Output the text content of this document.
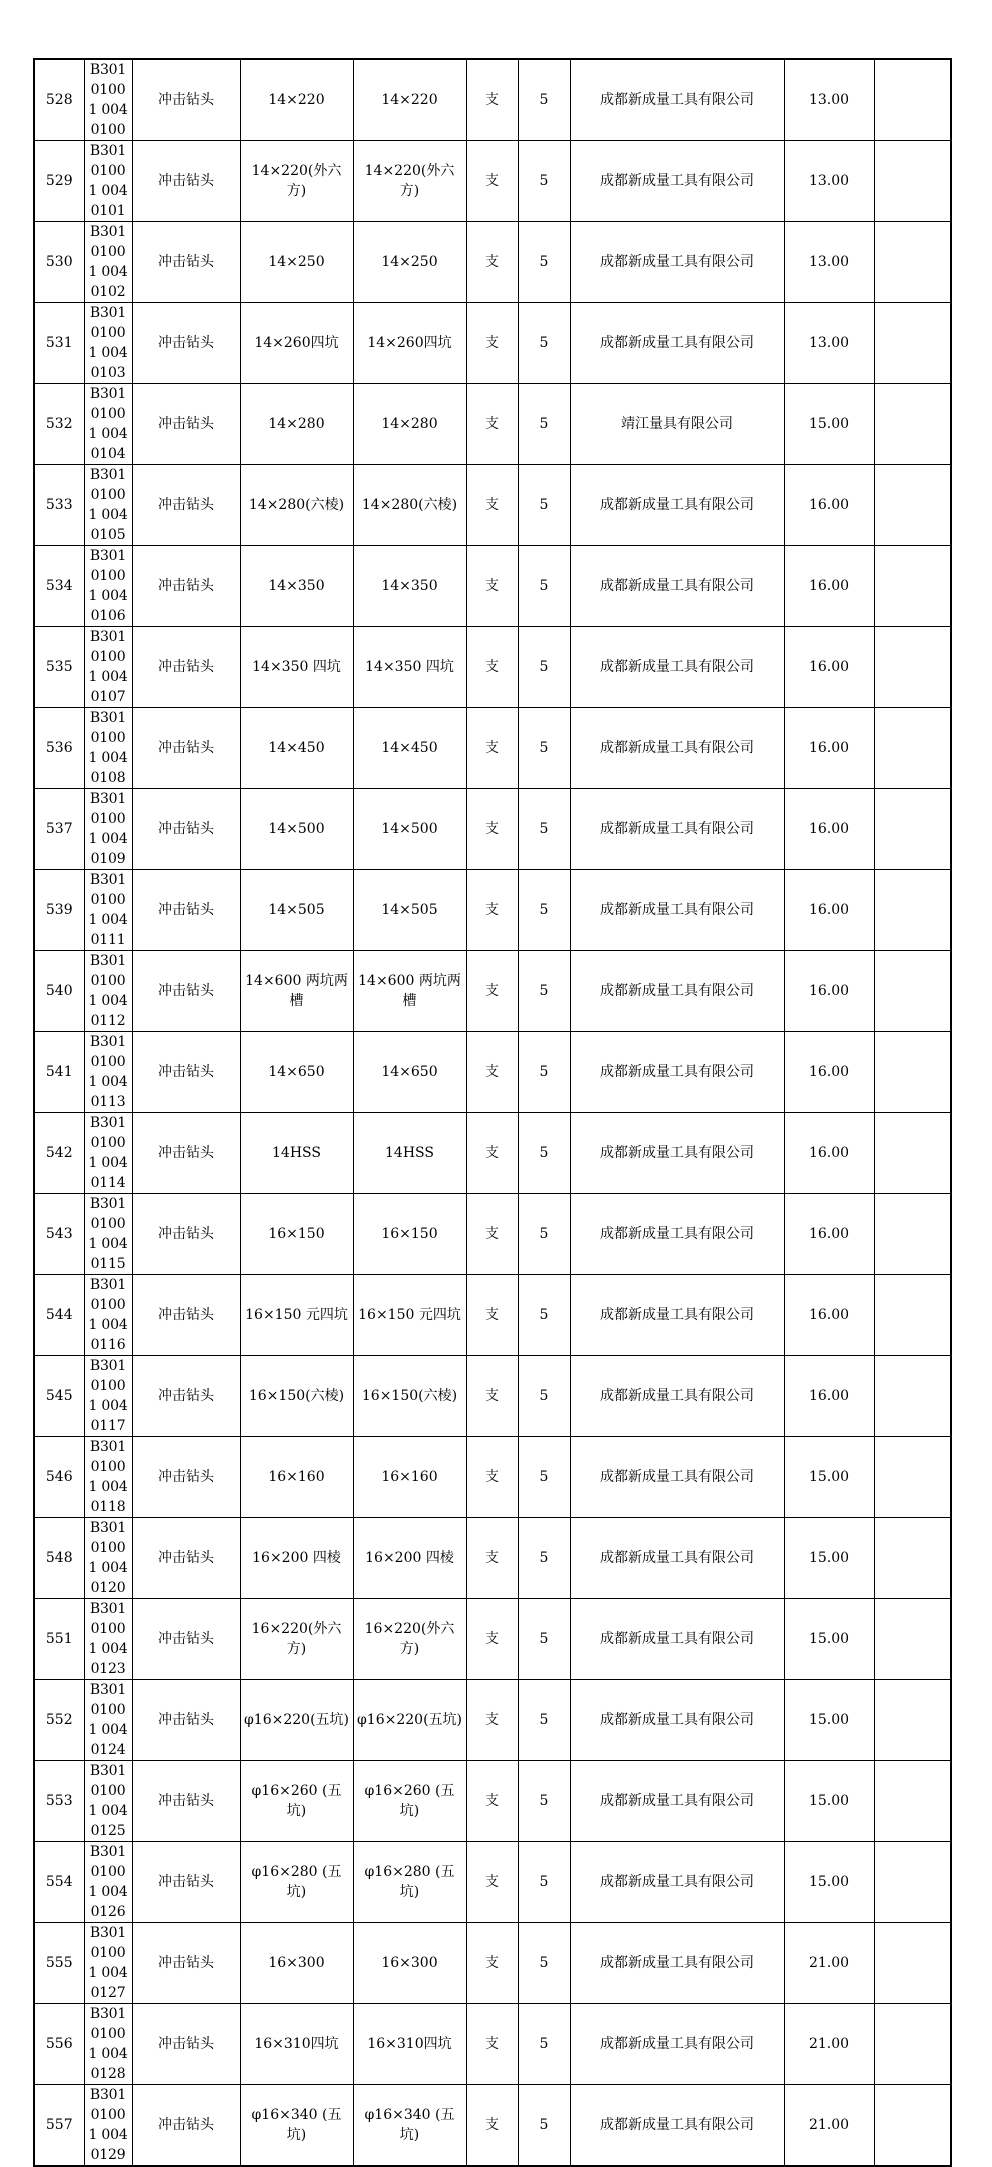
528	B30101001 0040100	冲击钻头	14×220	14×220	支	5	成都新成量工具有限公司	13.00	
529	B30101001 0040101	冲击钻头	14×220(外六方)	14×220(外六方)	支	5	成都新成量工具有限公司	13.00	
530	B30101001 0040102	冲击钻头	14×250	14×250	支	5	成都新成量工具有限公司	13.00	
531	B30101001 0040103	冲击钻头	14×260四坑	14×260四坑	支	5	成都新成量工具有限公司	13.00	
532	B30101001 0040104	冲击钻头	14×280	14×280	支	5	靖江量具有限公司	15.00	
533	B30101001 0040105	冲击钻头	14×280(六棱)	14×280(六棱)	支	5	成都新成量工具有限公司	16.00	
534	B30101001 0040106	冲击钻头	14×350	14×350	支	5	成都新成量工具有限公司	16.00	
535	B30101001 0040107	冲击钻头	14×350 四坑	14×350 四坑	支	5	成都新成量工具有限公司	16.00	
536	B30101001 0040108	冲击钻头	14×450	14×450	支	5	成都新成量工具有限公司	16.00	
537	B30101001 0040109	冲击钻头	14×500	14×500	支	5	成都新成量工具有限公司	16.00	
539	B30101001 0040111	冲击钻头	14×505	14×505	支	5	成都新成量工具有限公司	16.00	
540	B30101001 0040112	冲击钻头	14×600 两坑两槽	14×600 两坑两槽	支	5	成都新成量工具有限公司	16.00	
541	B30101001 0040113	冲击钻头	14×650	14×650	支	5	成都新成量工具有限公司	16.00	
542	B30101001 0040114	冲击钻头	14HSS	14HSS	支	5	成都新成量工具有限公司	16.00	
543	B30101001 0040115	冲击钻头	16×150	16×150	支	5	成都新成量工具有限公司	16.00	
544	B30101001 0040116	冲击钻头	16×150 元四坑	16×150 元四坑	支	5	成都新成量工具有限公司	16.00	
545	B30101001 0040117	冲击钻头	16×150(六棱)	16×150(六棱)	支	5	成都新成量工具有限公司	16.00	
546	B30101001 0040118	冲击钻头	16×160	16×160	支	5	成都新成量工具有限公司	15.00	
548	B30101001 0040120	冲击钻头	16×200 四棱	16×200 四棱	支	5	成都新成量工具有限公司	15.00	
551	B30101001 0040123	冲击钻头	16×220(外六方)	16×220(外六方)	支	5	成都新成量工具有限公司	15.00	
552	B30101001 0040124	冲击钻头	φ16×220(五坑)	φ16×220(五坑)	支	5	成都新成量工具有限公司	15.00	
553	B30101001 0040125	冲击钻头	φ16×260 (五坑)	φ16×260 (五坑)	支	5	成都新成量工具有限公司	15.00	
554	B30101001 0040126	冲击钻头	φ16×280 (五坑)	φ16×280 (五坑)	支	5	成都新成量工具有限公司	15.00	
555	B30101001 0040127	冲击钻头	16×300	16×300	支	5	成都新成量工具有限公司	21.00	
556	B30101001 0040128	冲击钻头	16×310四坑	16×310四坑	支	5	成都新成量工具有限公司	21.00	
557	B30101001 0040129	冲击钻头	φ16×340 (五坑)	φ16×340 (五坑)	支	5	成都新成量工具有限公司	21.00	
